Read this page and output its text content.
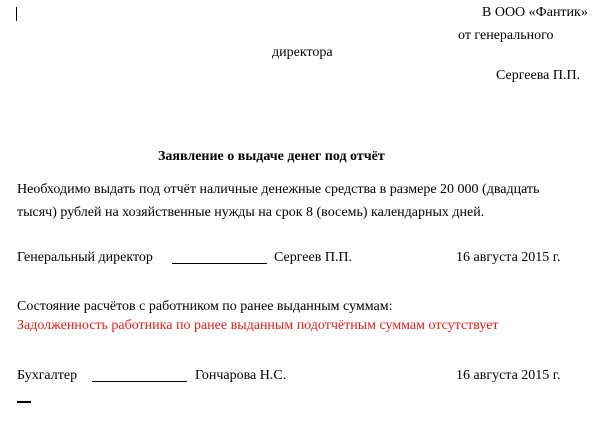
В ООО «Фантик»
от генерального
директора
Сергеева П.П.
Заявление о выдаче денег под отчёт
Необходимо выдать под отчёт наличные денежные средства в размере 20 000 (двадцать тысяч) рублей на хозяйственные нужды на срок 8 (восемь) календарных дней.
Генеральный директор	Сергеев П.П.	16 августа 2015 г.
Состояние расчётов с работником по ранее выданным суммам:
Задолженность работника по ранее выданным подотчётным суммам отсутствует
Бухгалтер	Гончарова Н.С.	16 августа 2015 г.
